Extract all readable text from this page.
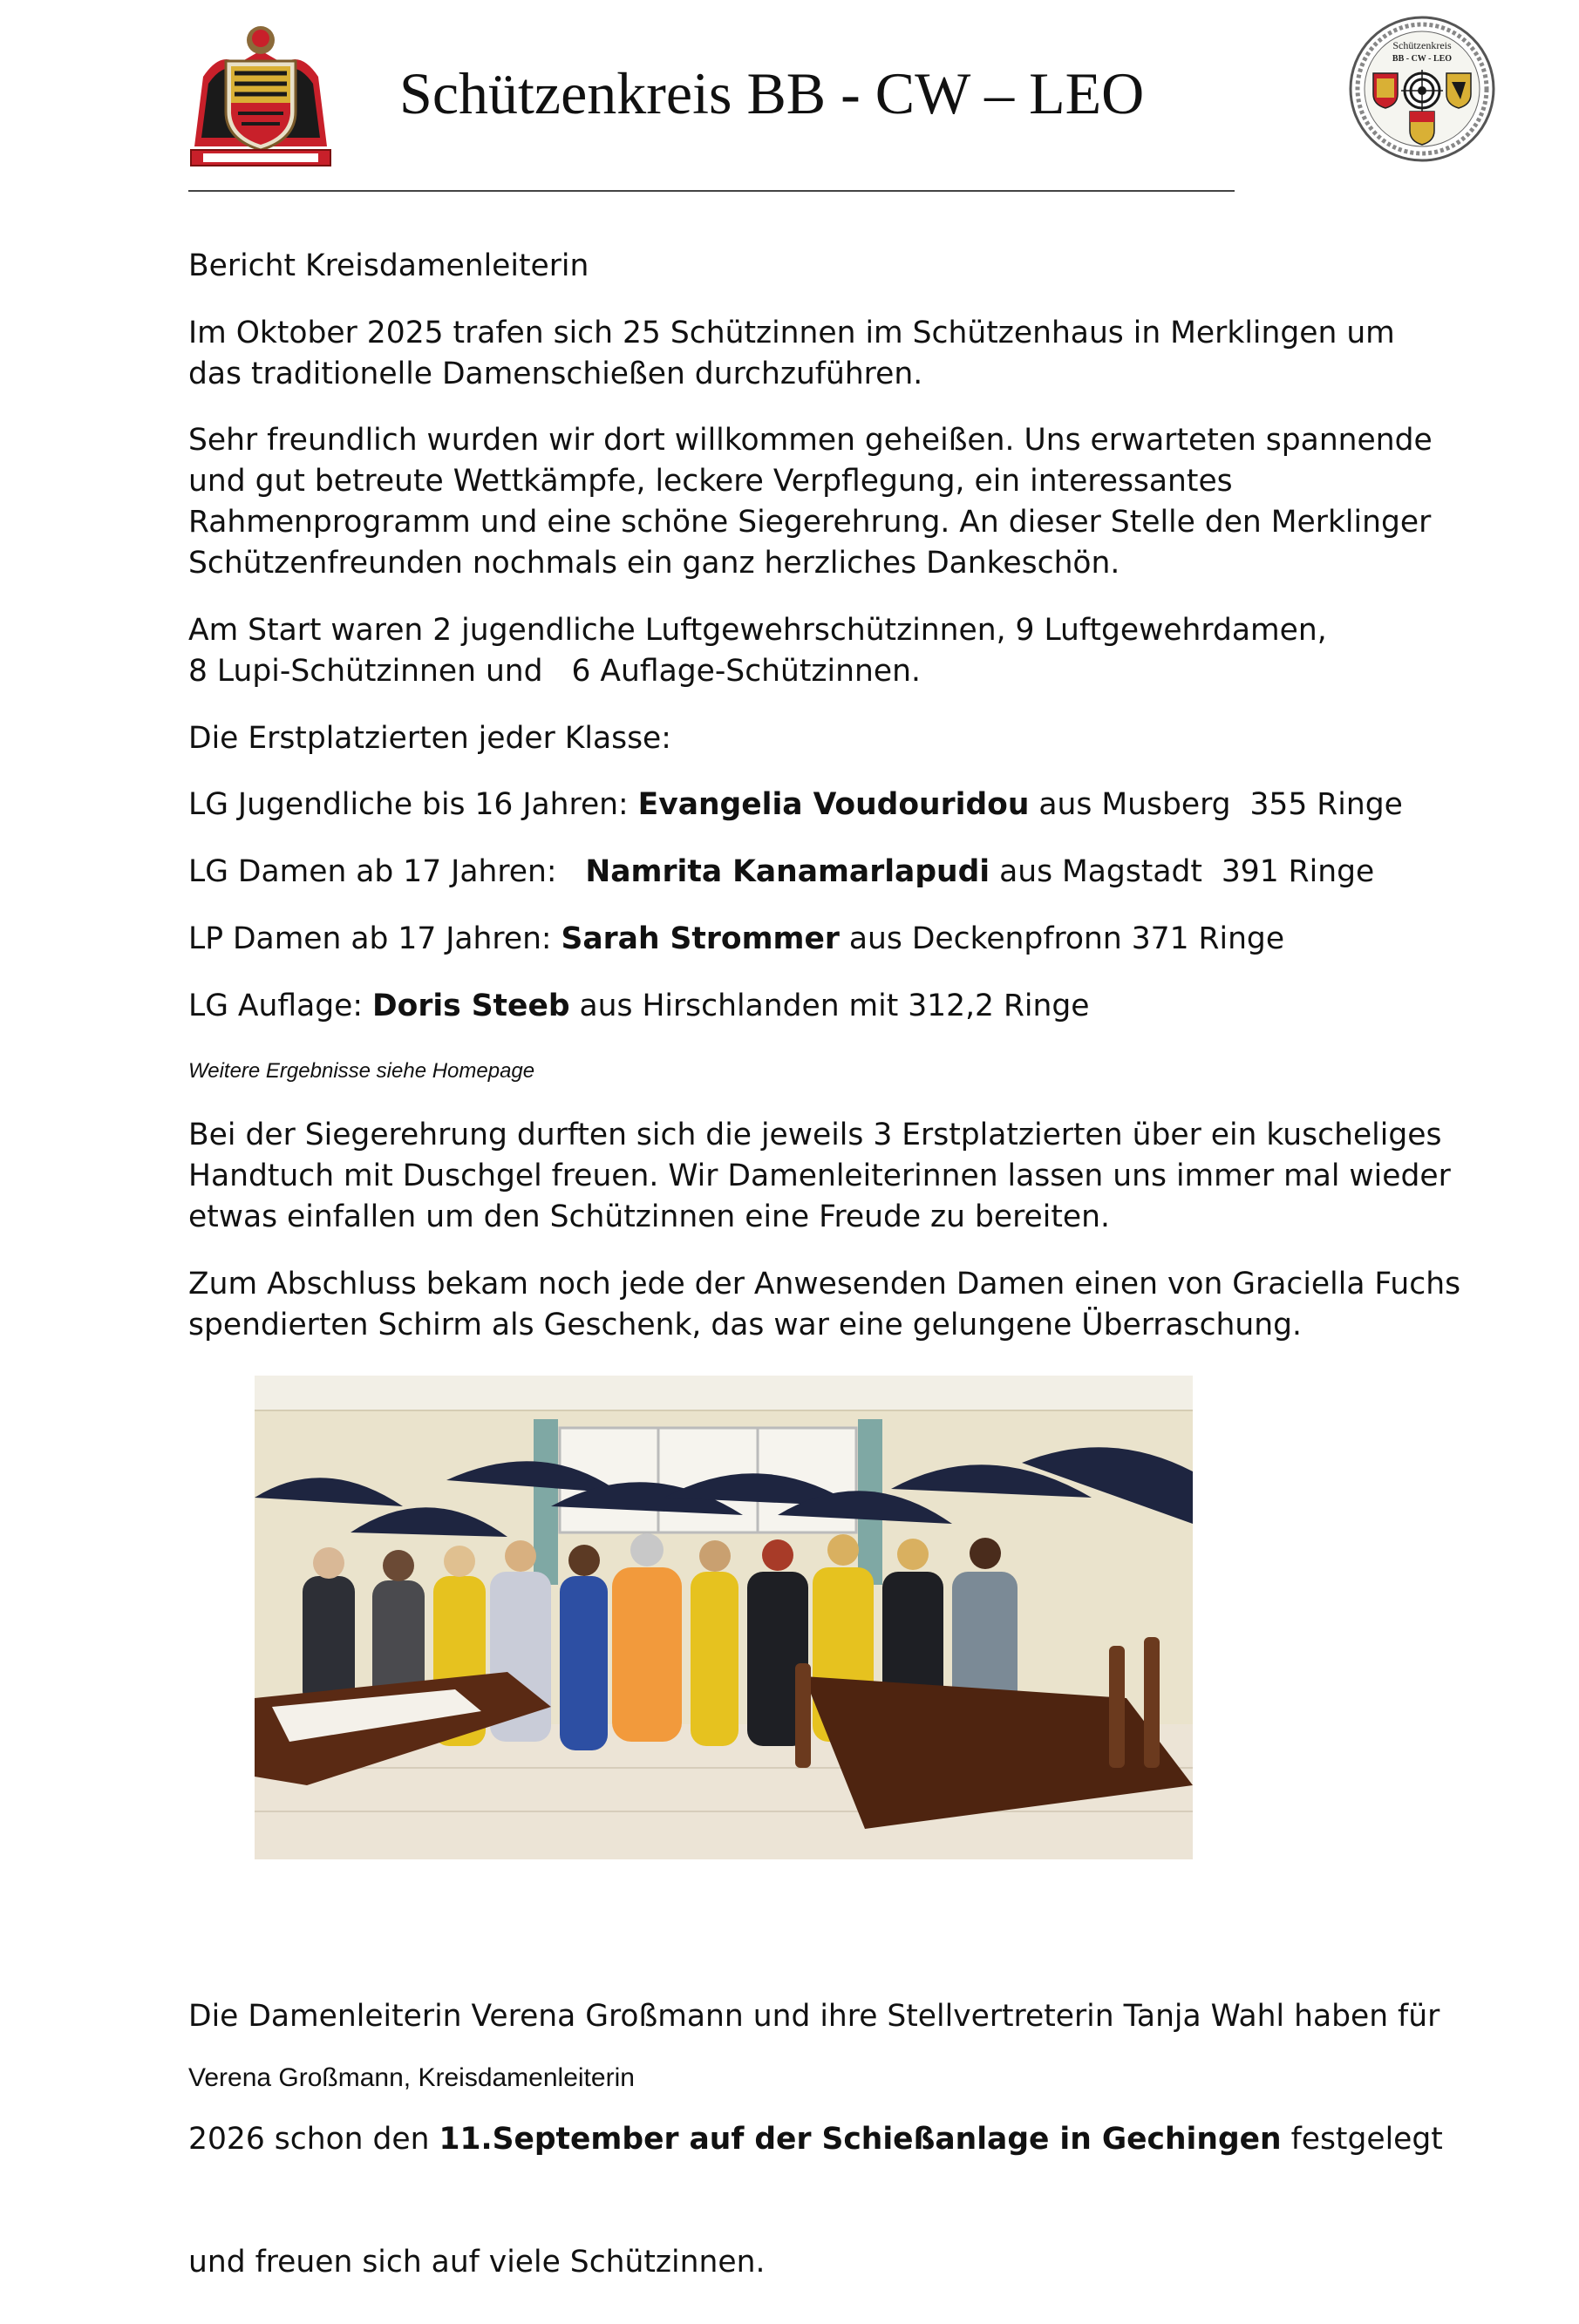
Schützenkreis
BB - CW - LEO
Schützenkreis BB - CW – LEO
Bericht Kreisdamenleiterin
Im Oktober 2025 trafen sich 25 Schützinnen im Schützenhaus in Merklingen um
das traditionelle Damenschießen durchzuführen.
Sehr freundlich wurden wir dort willkommen geheißen. Uns erwarteten spannende
und gut betreute Wettkämpfe, leckere Verpflegung, ein interessantes
Rahmenprogramm und eine schöne Siegerehrung. An dieser Stelle den Merklinger
Schützenfreunden nochmals ein ganz herzliches Dankeschön.
Am Start waren 2 jugendliche Luftgewehrschützinnen, 9 Luftgewehrdamen,
8 Lupi-Schützinnen und   6 Auflage-Schützinnen.
Die Erstplatzierten jeder Klasse:
LG Jugendliche bis 16 Jahren: Evangelia Voudouridou aus Musberg  355 Ringe
LG Damen ab 17 Jahren:   Namrita Kanamarlapudi aus Magstadt  391 Ringe
LP Damen ab 17 Jahren: Sarah Strommer aus Deckenpfronn 371 Ringe
LG Auflage: Doris Steeb aus Hirschlanden mit 312,2 Ringe
Weitere Ergebnisse siehe Homepage
Bei der Siegerehrung durften sich die jeweils 3 Erstplatzierten über ein kuscheliges
Handtuch mit Duschgel freuen. Wir Damenleiterinnen lassen uns immer mal wieder
etwas einfallen um den Schützinnen eine Freude zu bereiten.
Zum Abschluss bekam noch jede der Anwesenden Damen einen von Graciella Fuchs
spendierten Schirm als Geschenk, das war eine gelungene Überraschung.

Die Damenleiterin Verena Großmann und ihre Stellvertreterin Tanja Wahl haben für

2026 schon den 11.September auf der Schießanlage in Gechingen festgelegt

und freuen sich auf viele Schützinnen.

Verena Großmann, Kreisdamenleiterin
